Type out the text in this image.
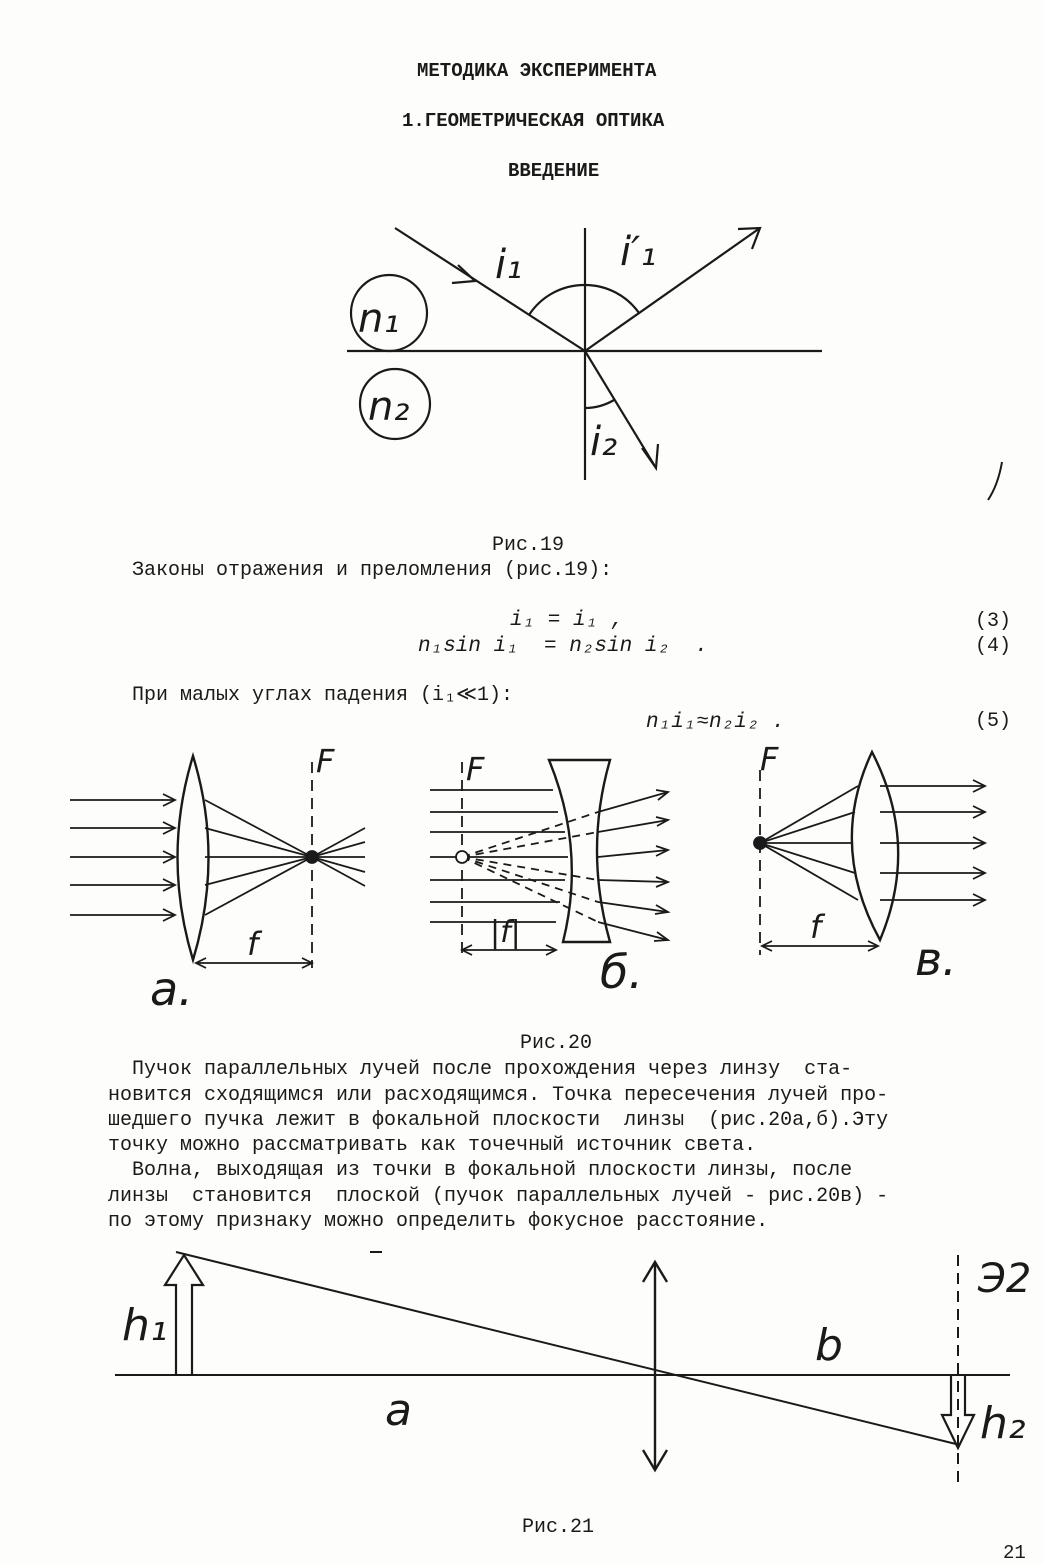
МЕТОДИКА ЭКСПЕРИМЕНТА
1.ГЕОМЕТРИЧЕСКАЯ ОПТИКА
ВВЕДЕНИЕ
n₁
n₂
i₁ i′₁
i₂
Рис.19
Законы отражения и преломления (рис.19):
i₁ = i₁ ,	(3)
n₁sin i₁  = n₂sin i₂  .	(4)
При малых углах падения (i₁≪1):
n₁i₁≈n₂i₂ .	(5)
F
f
а.
F
|f|
б.
F
f
в.
Рис.20
Пучок параллельных лучей после прохождения через линзу  ста-
новится сходящимся или расходящимся. Точка пересечения лучей про-
шедшего пучка лежит в фокальной плоскости  линзы  (рис.20а,б).Эту
точку можно рассматривать как точечный источник света.
Волна, выходящая из точки в фокальной плоскости линзы, после
линзы  становится  плоской (пучок параллельных лучей - рис.20в) -
по этому признаку можно определить фокусное расстояние.
h₁
h₂
a
b
Э2
Рис.21
21
